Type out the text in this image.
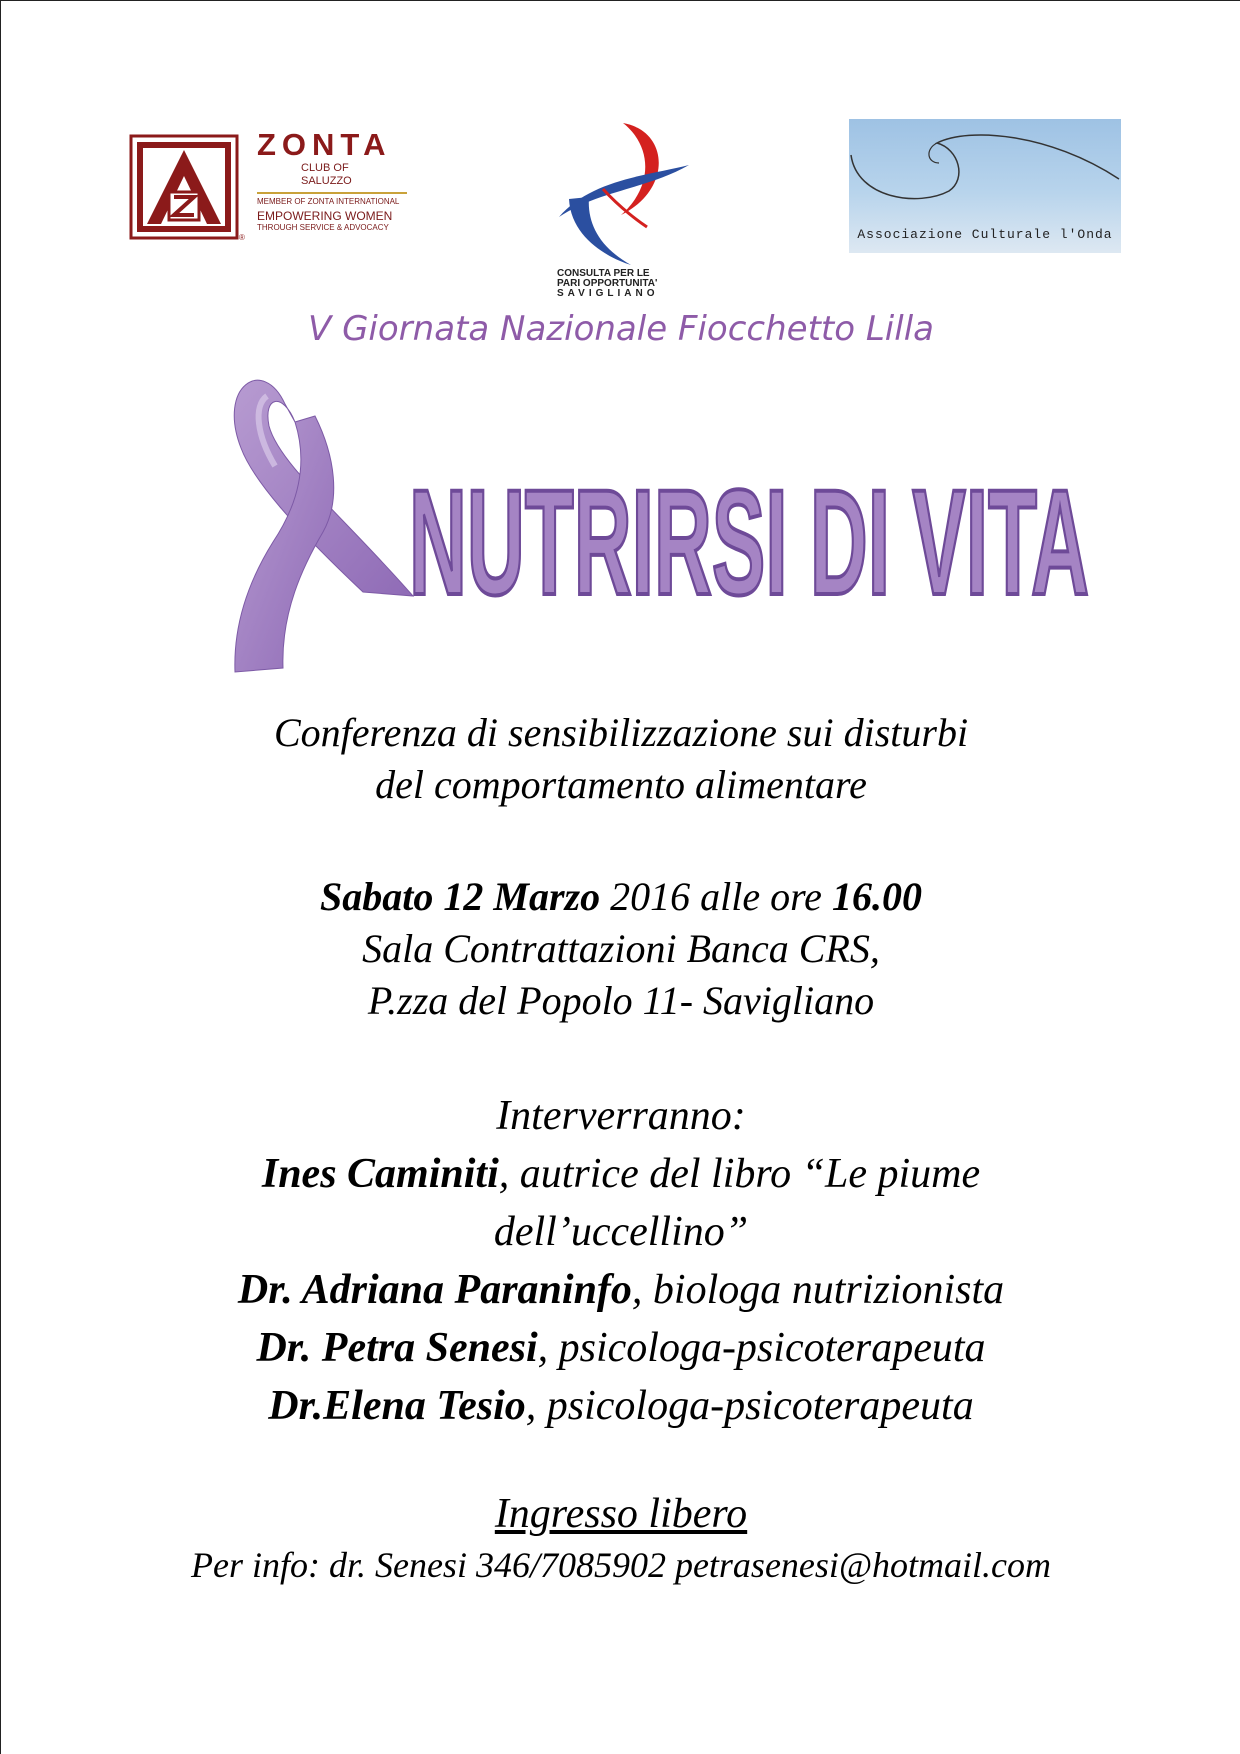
®
ZONTA
CLUB OF
SALUZZO
MEMBER OF ZONTA INTERNATIONAL
EMPOWERING WOMEN
THROUGH SERVICE & ADVOCACY
CONSULTA PER LE
PARI OPPORTUNITA'
SAVIGLIANO
Associazione Culturale l'Onda
V Giornata Nazionale Fiocchetto Lilla
NUTRIRSI DI VITA
Conferenza di sensibilizzazione sui disturbi
del comportamento alimentare
Sabato 12 Marzo 2016 alle ore 16.00
Sala Contrattazioni Banca CRS,
P.zza del Popolo 11- Savigliano
Interverranno:
Ines Caminiti, autrice del libro “Le piume
dell’uccellino”
Dr. Adriana Paraninfo, biologa nutrizionista
Dr. Petra Senesi, psicologa-psicoterapeuta
Dr.Elena Tesio, psicologa-psicoterapeuta
Ingresso libero
Per info: dr. Senesi 346/7085902 petrasenesi@hotmail.com
